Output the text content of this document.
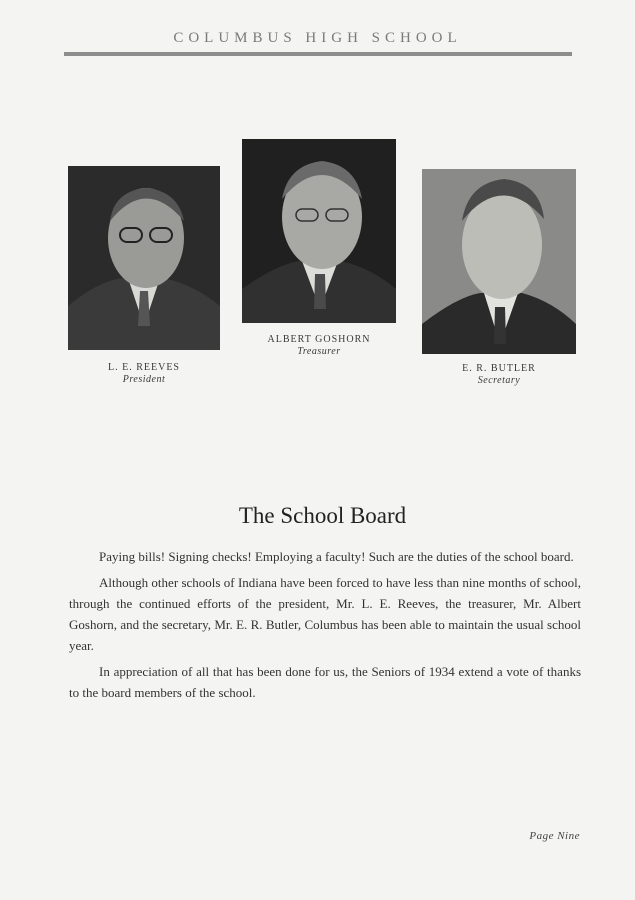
COLUMBUS HIGH SCHOOL
L. E. REEVES
President
ALBERT GOSHORN
Treasurer
E. R. BUTLER
Secretary
The School Board

Paying bills! Signing checks! Employing a faculty! Such are the duties of the school board.

Although other schools of Indiana have been forced to have less than nine months of school, through the continued efforts of the president, Mr. L. E. Reeves, the treasurer, Mr. Albert Goshorn, and the secretary, Mr. E. R. Butler, Columbus has been able to maintain the usual school year.

In appreciation of all that has been done for us, the Seniors of 1934 extend a vote of thanks to the board members of the school.

Page Nine
